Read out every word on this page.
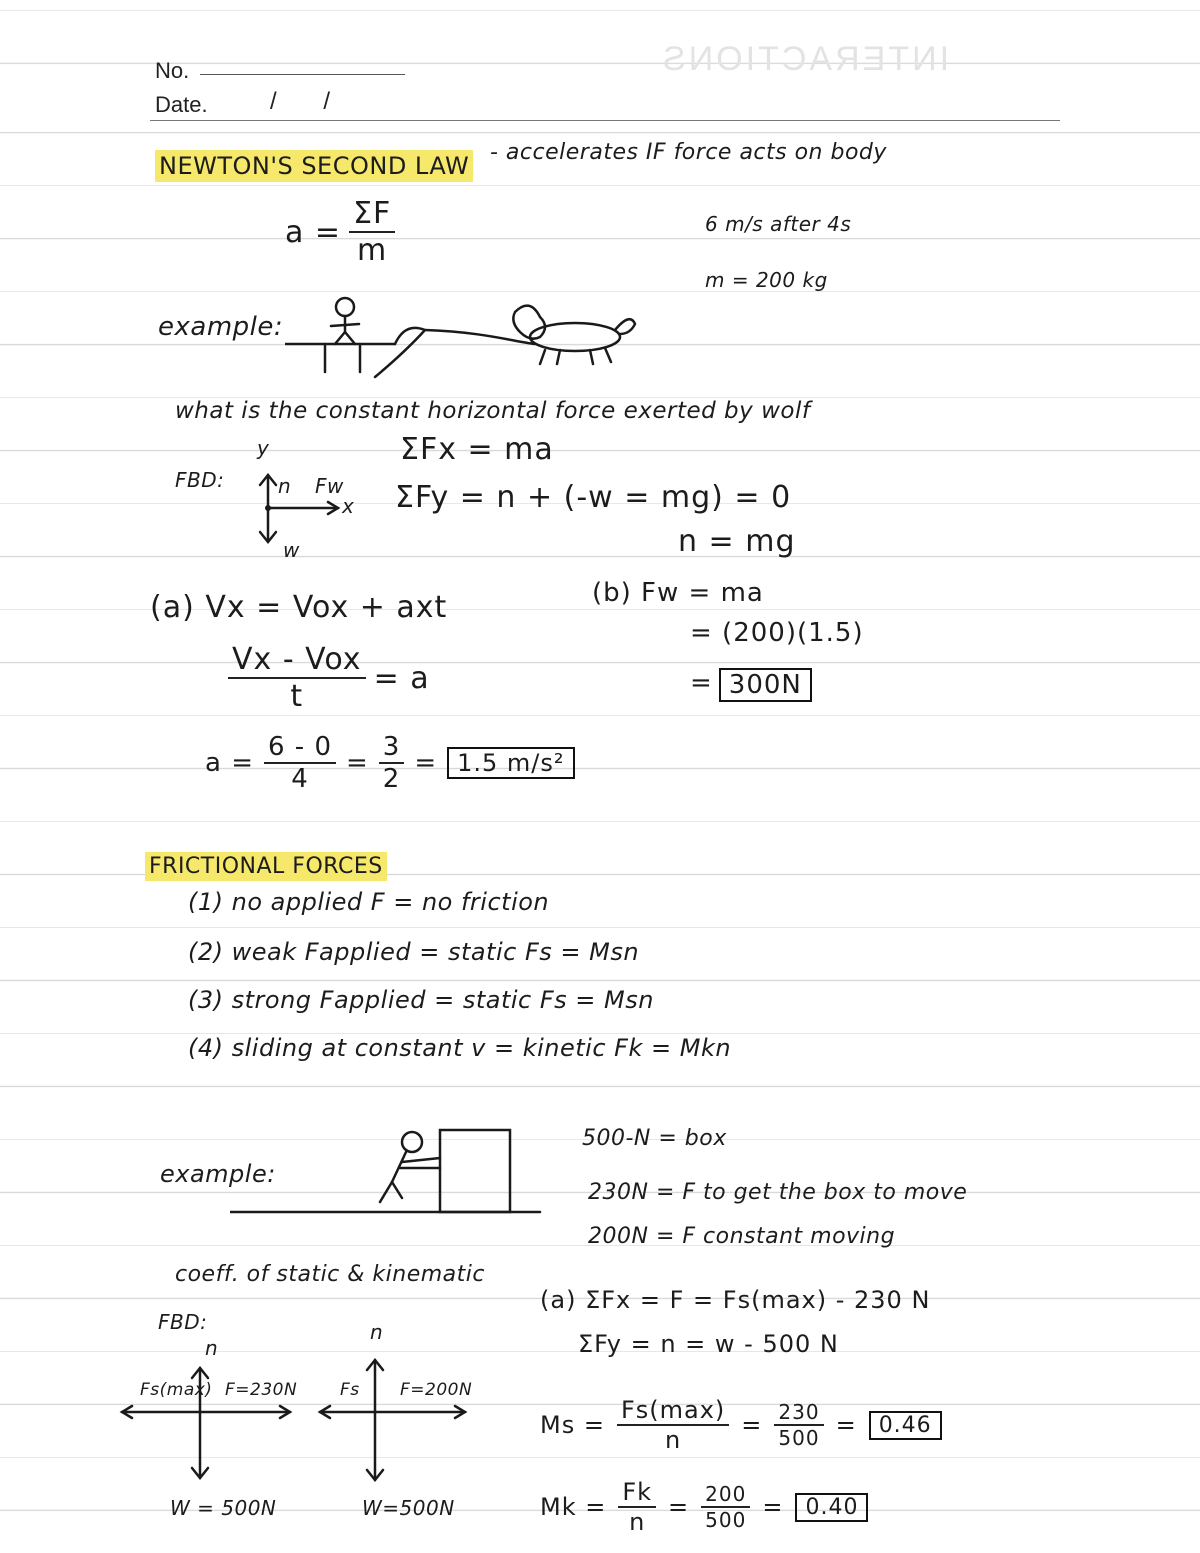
No.
Date.	/ /
INTERACTIONS
NEWTON'S SECOND LAW - accelerates IF force acts on body
$a = \frac{\Sigma F}{m}$	6 m/s after 4s
m = 200 kg
example:
what is the constant horizontal force exerted by wolf
FBD:
y
n Fw
x
w
ΣFx = ma
ΣFy = n + (-w = mg) = 0
n = mg
(a) Vx = Vox + axt
$\frac{\text{Vx - Vox}}{t} = a$
$a = \frac{6 - 0}{4} = \frac{3}{2} = 1.5$ m/s²
(b) Fw = ma
= (200)(1.5)
= 300N
FRICTIONAL FORCES
(1) no applied F = no friction
(2) weak Fapplied = static Fs = Msn
(3) strong Fapplied = static Fs = Msn
(4) sliding at constant v = kinetic Fk = Mkn
example:
500-N = box
230N = F to get the box to move
200N = F constant moving
coeff. of static & kinematic
FBD:
n
Fs(max) F=230N
W = 500N
n
Fs F=200N
W=500N
(a) ΣFx = F = Fs(max) - 230 N
ΣFy = n = w - 500 N
$Ms = \frac{Fs(\max)}{n} = \frac{230}{500}$ =	0.46
$Mk = \frac{Fk}{n} = \frac{200}{500}$ =	0.40
